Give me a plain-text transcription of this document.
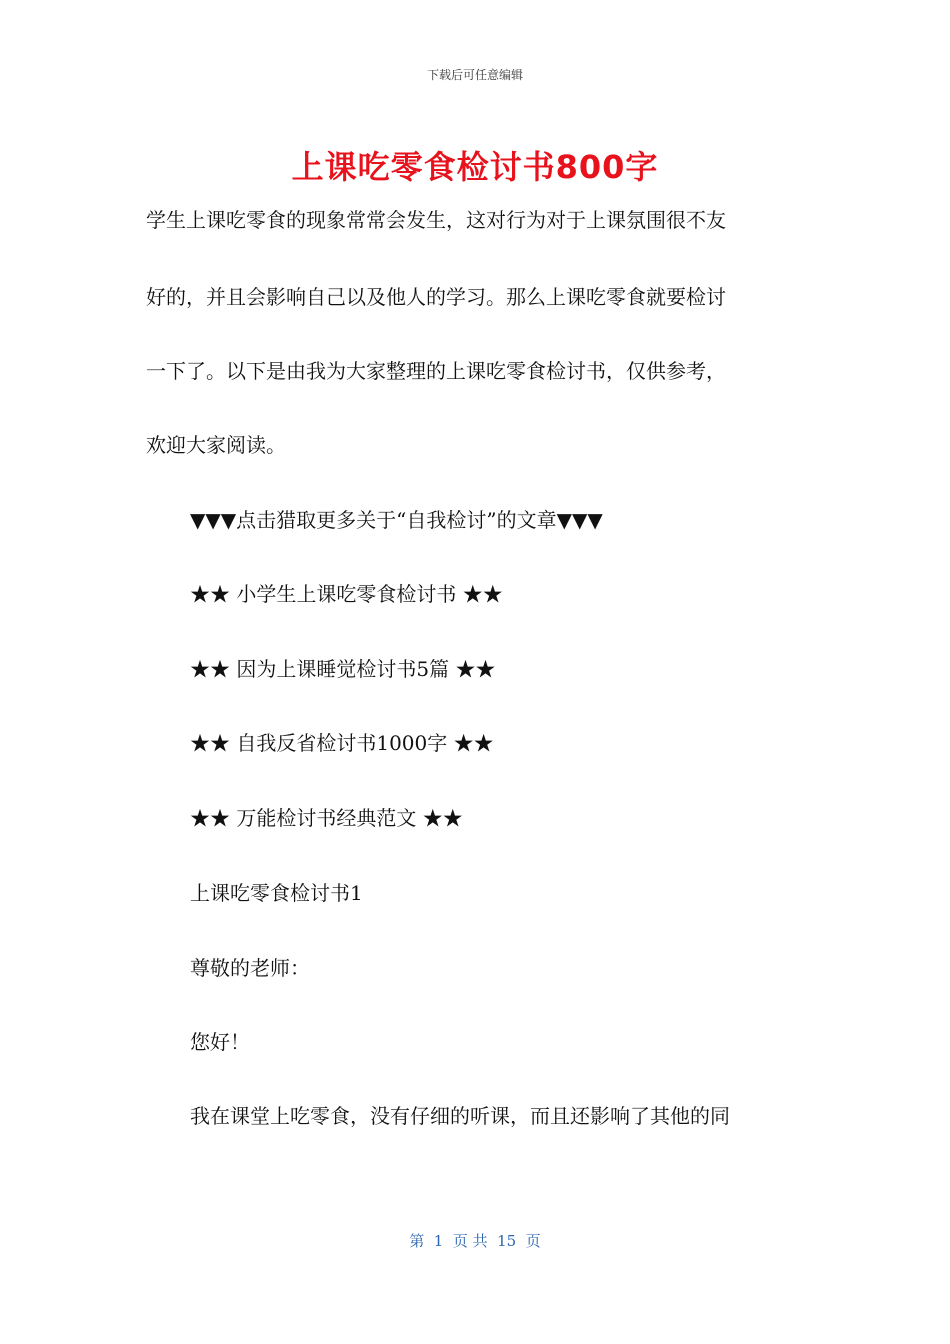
下载后可任意编辑
上课吃零食检讨书800字
学生上课吃零食的现象常常会发生，这对行为对于上课氛围很不友
好的，并且会影响自己以及他人的学习。那么上课吃零食就要检讨
一下了。以下是由我为大家整理的上课吃零食检讨书，仅供参考，
欢迎大家阅读。
▼▼▼点击猎取更多关于“自我检讨”的文章▼▼▼
★★ 小学生上课吃零食检讨书 ★★
★★ 因为上课睡觉检讨书5篇 ★★
★★ 自我反省检讨书1000字 ★★
★★ 万能检讨书经典范文 ★★
上课吃零食检讨书1
尊敬的老师：
您好！
我在课堂上吃零食，没有仔细的听课，而且还影响了其他的同
第  1  页 共  15  页
